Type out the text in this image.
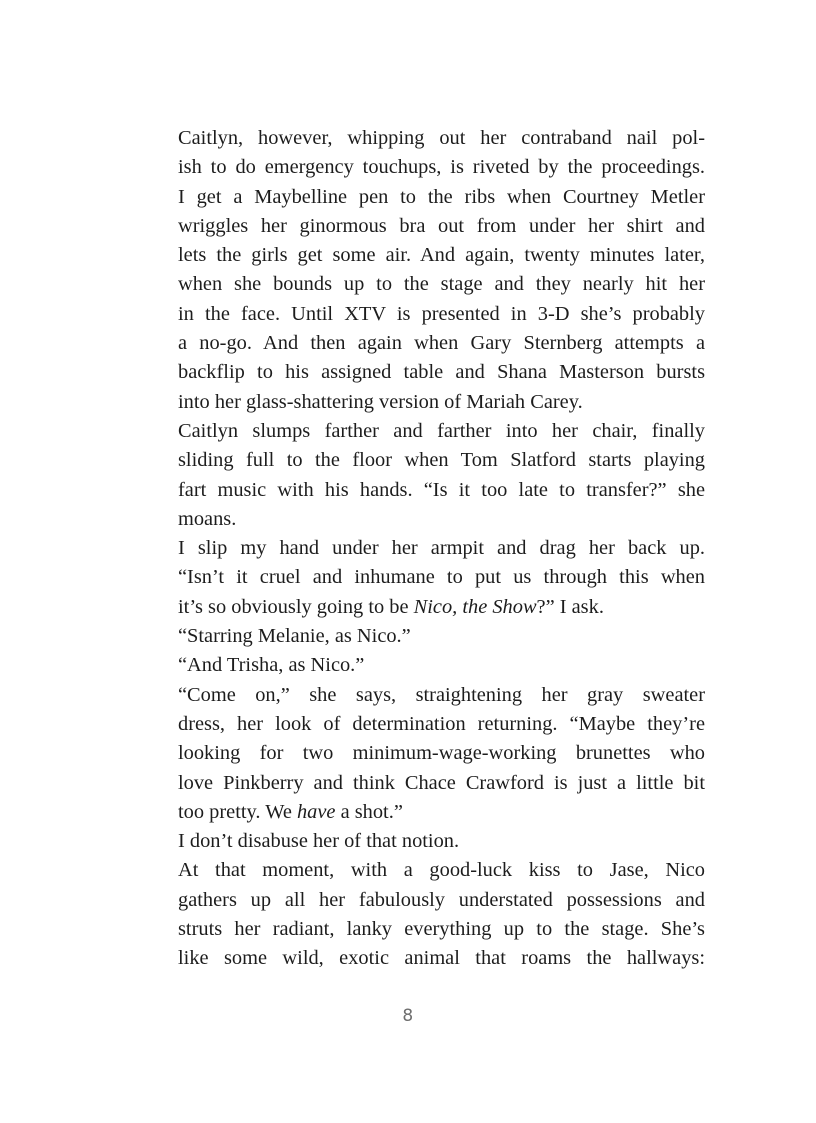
Caitlyn, however, whipping out her contraband nail pol-
ish to do emergency touchups, is riveted by the proceedings.
I get a Maybelline pen to the ribs when Courtney Metler
wriggles her ginormous bra out from under her shirt and
lets the girls get some air. And again, twenty minutes later,
when she bounds up to the stage and they nearly hit her
in the face. Until XTV is presented in 3-D she’s probably
a no-go. And then again when Gary Sternberg attempts a
backflip to his assigned table and Shana Masterson bursts
into her glass-shattering version of Mariah Carey.

Caitlyn slumps farther and farther into her chair, finally
sliding full to the floor when Tom Slatford starts playing
fart music with his hands. “Is it too late to transfer?” she
moans.

I slip my hand under her armpit and drag her back up.
“Isn’t it cruel and inhumane to put us through this when
it’s so obviously going to be Nico, the Show?” I ask.

“Starring Melanie, as Nico.”

“And Trisha, as Nico.”

“Come on,” she says, straightening her gray sweater
dress, her look of determination returning. “Maybe they’re
looking for two minimum-wage-working brunettes who
love Pinkberry and think Chace Crawford is just a little bit
too pretty. We have a shot.”

I don’t disabuse her of that notion.

At that moment, with a good-luck kiss to Jase, Nico
gathers up all her fabulously understated possessions and
struts her radiant, lanky everything up to the stage. She’s
like some wild, exotic animal that roams the hallways:

8
